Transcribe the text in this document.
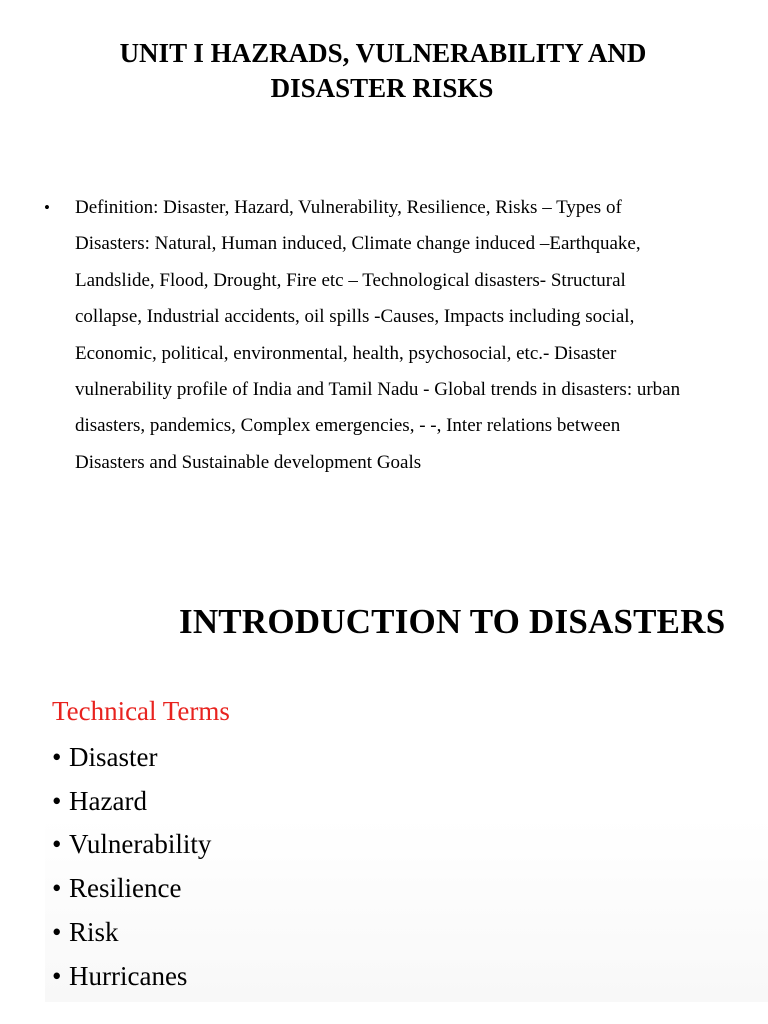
UNIT I HAZRADS, VULNERABILITY AND
DISASTER RISKS
• Definition: Disaster, Hazard, Vulnerability, Resilience, Risks – Types of
Disasters: Natural, Human induced, Climate change induced –Earthquake,
Landslide, Flood, Drought, Fire etc – Technological disasters- Structural
collapse, Industrial accidents, oil spills -Causes, Impacts including social,
Economic, political, environmental, health, psychosocial, etc.- Disaster
vulnerability profile of India and Tamil Nadu - Global trends in disasters: urban
disasters, pandemics, Complex emergencies, - -, Inter relations between
Disasters and Sustainable development Goals
INTRODUCTION TO DISASTERS
Technical Terms
• Disaster
• Hazard
• Vulnerability
• Resilience
• Risk
• Hurricanes
